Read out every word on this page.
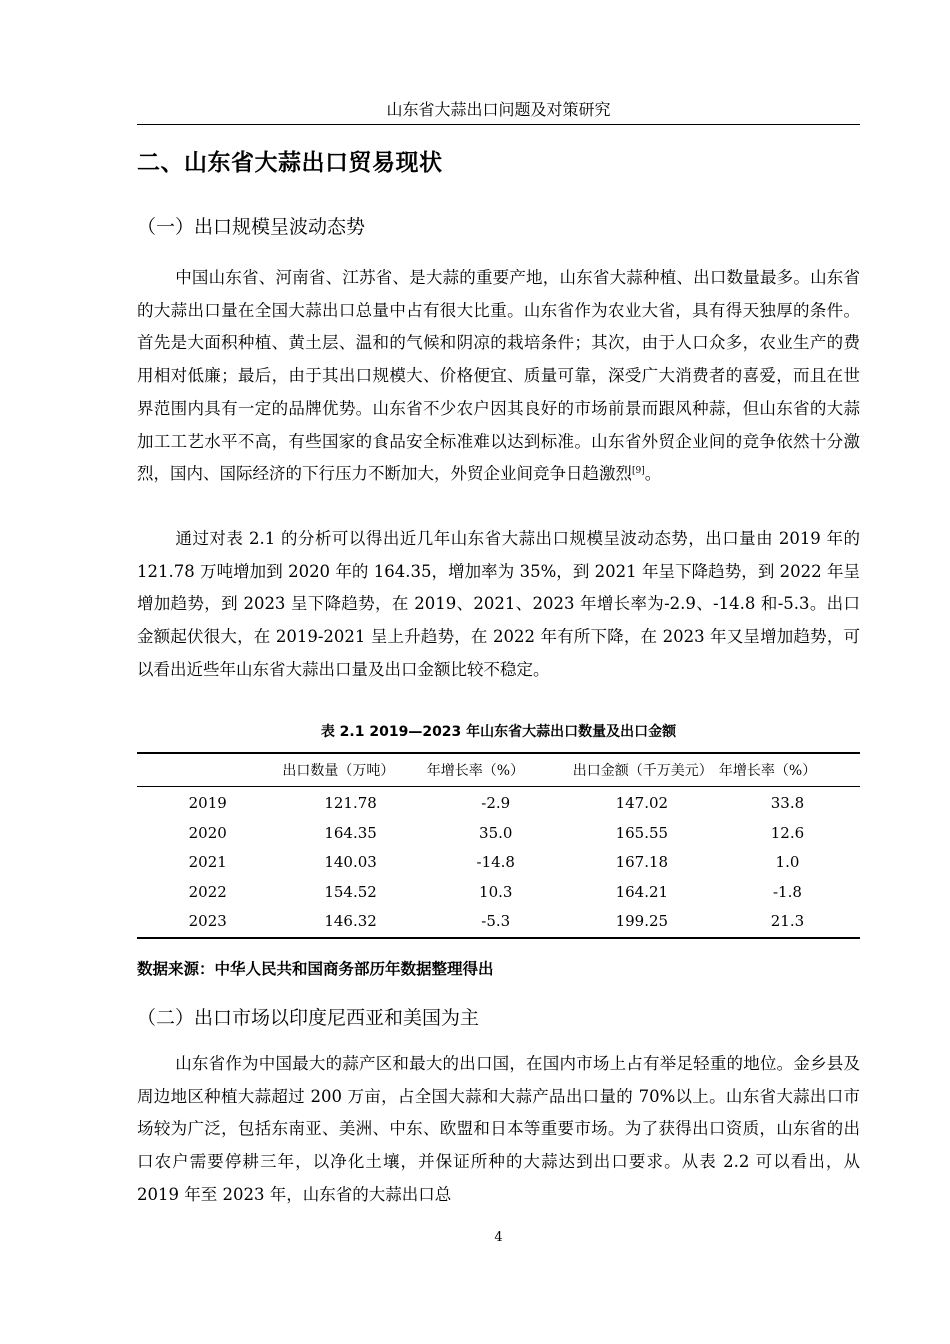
山东省大蒜出口问题及对策研究
二、山东省大蒜出口贸易现状
（一）出口规模呈波动态势

中国山东省、河南省、江苏省、是大蒜的重要产地，山东省大蒜种植、出口数量最多。山东省的大蒜出口量在全国大蒜出口总量中占有很大比重。山东省作为农业大省，具有得天独厚的条件。首先是大面积种植、黄土层、温和的气候和阴凉的栽培条件；其次，由于人口众多，农业生产的费用相对低廉；最后，由于其出口规模大、价格便宜、质量可靠，深受广大消费者的喜爱，而且在世界范围内具有一定的品牌优势。山东省不少农户因其良好的市场前景而跟风种蒜，但山东省的大蒜加工工艺水平不高，有些国家的食品安全标准难以达到标准。山东省外贸企业间的竞争依然十分激烈，国内、国际经济的下行压力不断加大，外贸企业间竞争日趋激烈[9]。

通过对表 2.1 的分析可以得出近几年山东省大蒜出口规模呈波动态势，出口量由 2019 年的 121.78 万吨增加到 2020 年的 164.35，增加率为 35%，到 2021 年呈下降趋势，到 2022 年呈增加趋势，到 2023 呈下降趋势，在 2019、2021、2023 年增长率为-2.9、-14.8 和-5.3。出口金额起伏很大，在 2019-2021 呈上升趋势，在 2022 年有所下降，在 2023 年又呈增加趋势，可以看出近些年山东省大蒜出口量及出口金额比较不稳定。

表 2.1 2019—2023 年山东省大蒜出口数量及出口金额
	出口数量（万吨）	年增长率（%）	出口金额（千万美元）	年增长率（%）
2019	121.78	-2.9	147.02	33.8
2020	164.35	35.0	165.55	12.6
2021	140.03	-14.8	167.18	1.0
2022	154.52	10.3	164.21	-1.8
2023	146.32	-5.3	199.25	21.3
数据来源：中华人民共和国商务部历年数据整理得出
（二）出口市场以印度尼西亚和美国为主

山东省作为中国最大的蒜产区和最大的出口国，在国内市场上占有举足轻重的地位。金乡县及周边地区种植大蒜超过 200 万亩，占全国大蒜和大蒜产品出口量的 70%以上。山东省大蒜出口市场较为广泛，包括东南亚、美洲、中东、欧盟和日本等重要市场。为了获得出口资质，山东省的出口农户需要停耕三年，以净化土壤，并保证所种的大蒜达到出口要求。从表 2.2 可以看出，从 2019 年至 2023 年，山东省的大蒜出口总

4
